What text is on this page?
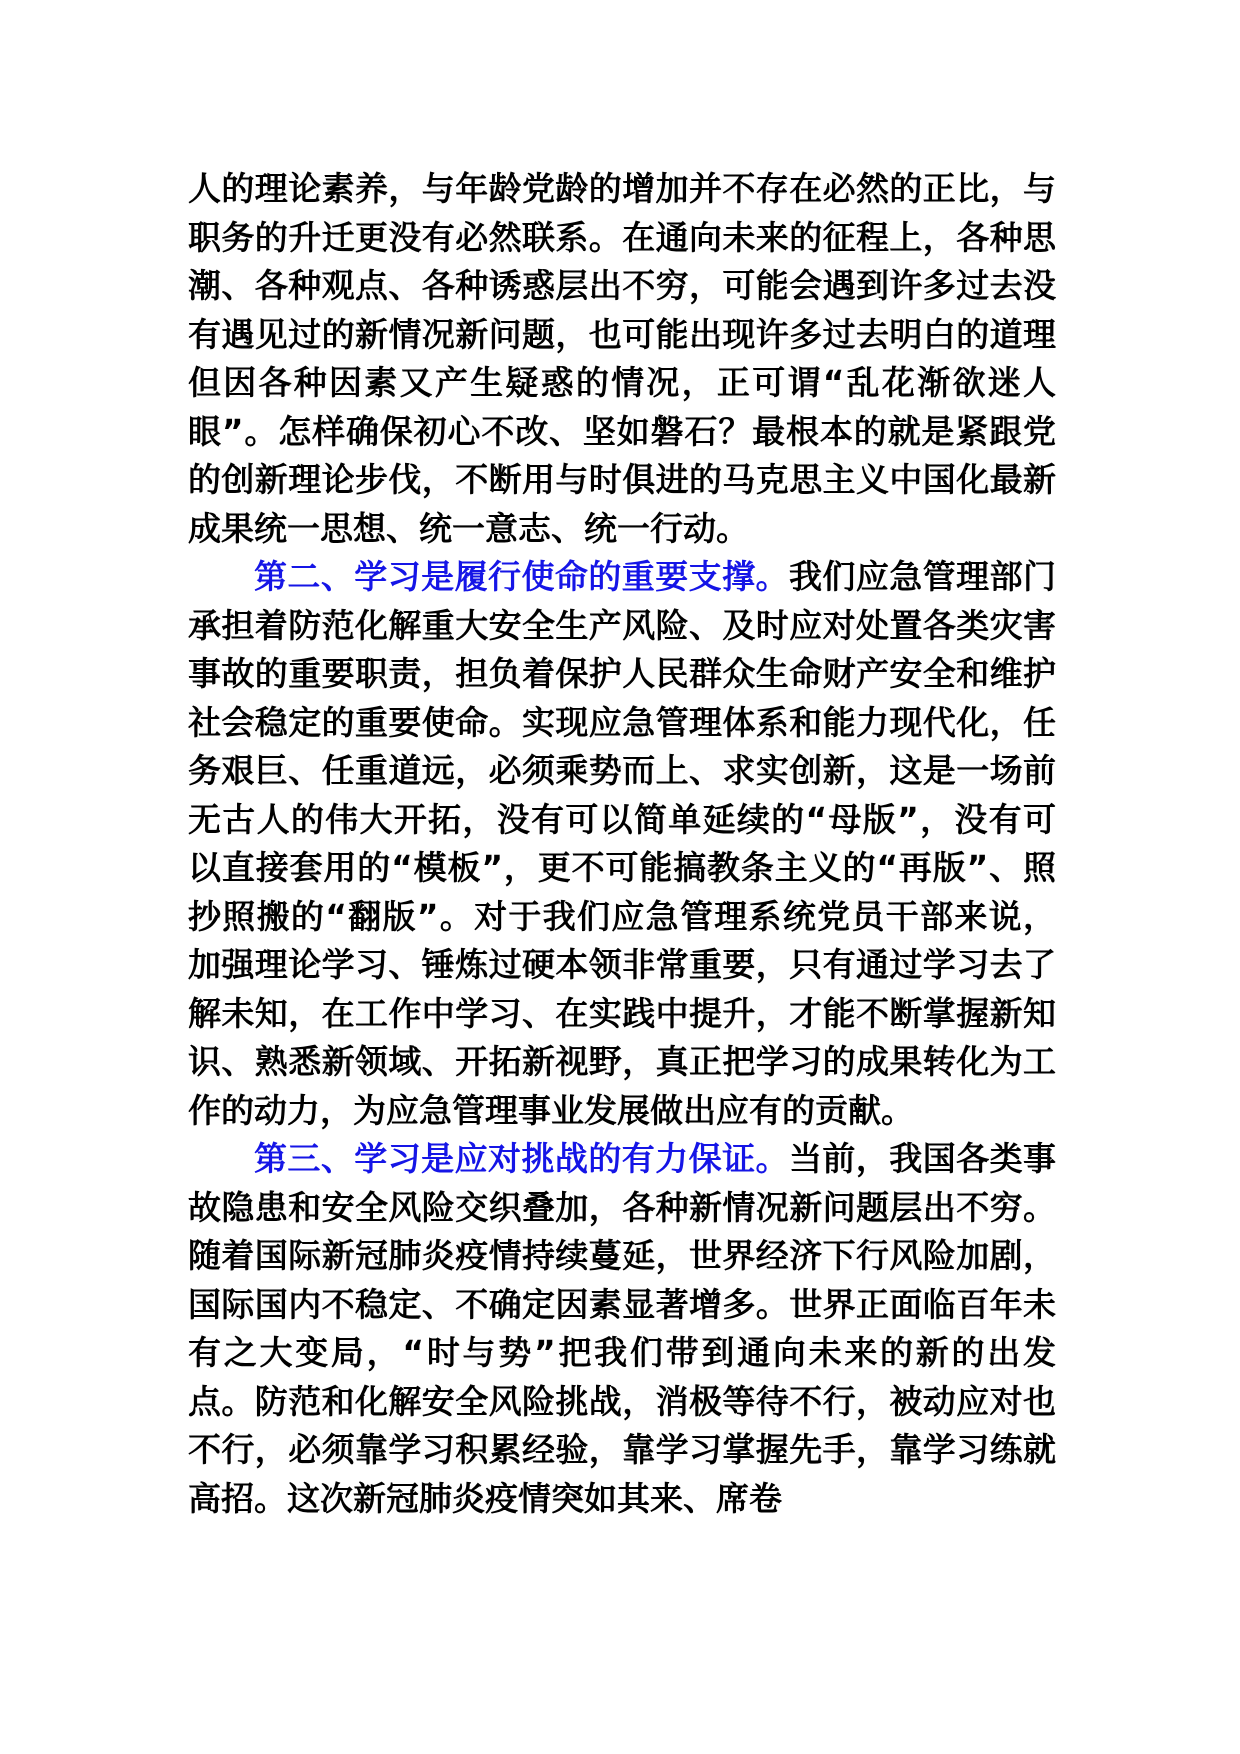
人的理论素养，与年龄党龄的增加并不存在必然的正比，与职务的升迁更没有必然联系。在通向未来的征程上，各种思潮、各种观点、各种诱惑层出不穷，可能会遇到许多过去没有遇见过的新情况新问题，也可能出现许多过去明白的道理但因各种因素又产生疑惑的情况，正可谓“乱花渐欲迷人眼”。怎样确保初心不改、坚如磐石？最根本的就是紧跟党的创新理论步伐，不断用与时俱进的马克思主义中国化最新成果统一思想、统一意志、统一行动。

第二、学习是履行使命的重要支撑。我们应急管理部门承担着防范化解重大安全生产风险、及时应对处置各类灾害事故的重要职责，担负着保护人民群众生命财产安全和维护社会稳定的重要使命。实现应急管理体系和能力现代化，任务艰巨、任重道远，必须乘势而上、求实创新，这是一场前无古人的伟大开拓，没有可以简单延续的“母版”，没有可以直接套用的“模板”，更不可能搞教条主义的“再版”、照抄照搬的“翻版”。对于我们应急管理系统党员干部来说，加强理论学习、锤炼过硬本领非常重要，只有通过学习去了解未知，在工作中学习、在实践中提升，才能不断掌握新知识、熟悉新领域、开拓新视野，真正把学习的成果转化为工作的动力，为应急管理事业发展做出应有的贡献。

第三、学习是应对挑战的有力保证。当前，我国各类事故隐患和安全风险交织叠加，各种新情况新问题层出不穷。随着国际新冠肺炎疫情持续蔓延，世界经济下行风险加剧，国际国内不稳定、不确定因素显著增多。世界正面临百年未有之大变局，“时与势”把我们带到通向未来的新的出发点。防范和化解安全风险挑战，消极等待不行，被动应对也不行，必须靠学习积累经验，靠学习掌握先手，靠学习练就高招。这次新冠肺炎疫情突如其来、席卷
